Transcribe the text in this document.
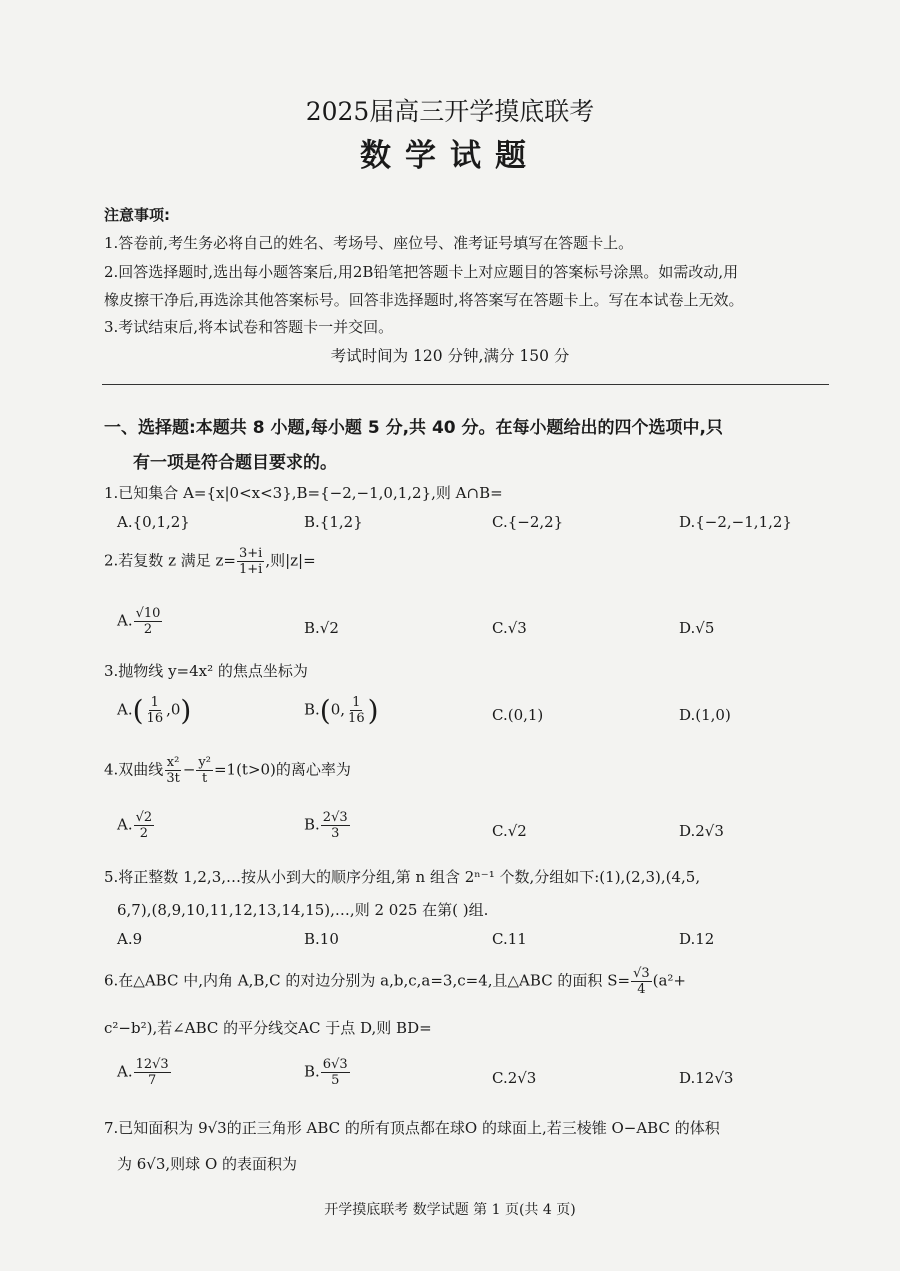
2025届高三开学摸底联考
数学试题
注意事项:
1.答卷前,考生务必将自己的姓名、考场号、座位号、准考证号填写在答题卡上。
2.回答选择题时,选出每小题答案后,用2B铅笔把答题卡上对应题目的答案标号涂黑。如需改动,用
橡皮擦干净后,再选涂其他答案标号。回答非选择题时,将答案写在答题卡上。写在本试卷上无效。
3.考试结束后,将本试卷和答题卡一并交回。
考试时间为 120 分钟,满分 150 分
一、选择题:本题共 8 小题,每小题 5 分,共 40 分。在每小题给出的四个选项中,只
有一项是符合题目要求的。
1.已知集合 A={x|0<x<3},B={−2,−1,0,1,2},则 A∩B=
A.{0,1,2}	B.{1,2}	C.{−2,2}	D.{−2,−1,1,2}
2.若复数 z 满足 $z= \frac{3+i}{1+i}$ ,则|z|=
A. $\frac{√10}{2}$	B.√2	C.√3	D.√5
3.抛物线 y=4x² 的焦点坐标为
$A.( \frac{1}{16} ,0)$	B.(0, $\frac{1}{16}$ )	C.(0,1)	D.(1,0)
4.双曲线 $\frac{\text{x²}}{3t} - \frac{\text{y²}}{t} =1(t>0)$的离心率为
A. $\frac{√2}{2}$	B. $\frac{2√3}{3}$	C.√2	D.2√3
5.将正整数 1,2,3,…按从小到大的顺序分组,第 n 组含 2ⁿ⁻¹ 个数,分组如下:(1),(2,3),(4,5,
6,7),(8,9,10,11,12,13,14,15),…,则 2 025 在第( )组.
A.9	B.10	C.11	D.12
6.在△ABC 中,内角 A,B,C 的对边分别为 a,b,c,a=3,c=4,且△ABC 的面积 $S= \frac{√3}{4} (a^2+$
c²−b²),若∠ABC 的平分线交AC 于点 D,则 BD=
A. $\frac{12√3}{7}$	B. $\frac{6√3}{5}$	C.2√3	D.12√3
7.已知面积为 9√3的正三角形 ABC 的所有顶点都在球O 的球面上,若三棱锥 O−ABC 的体积
为 6√3,则球 O 的表面积为
开学摸底联考 数学试题 第 1 页(共 4 页)
